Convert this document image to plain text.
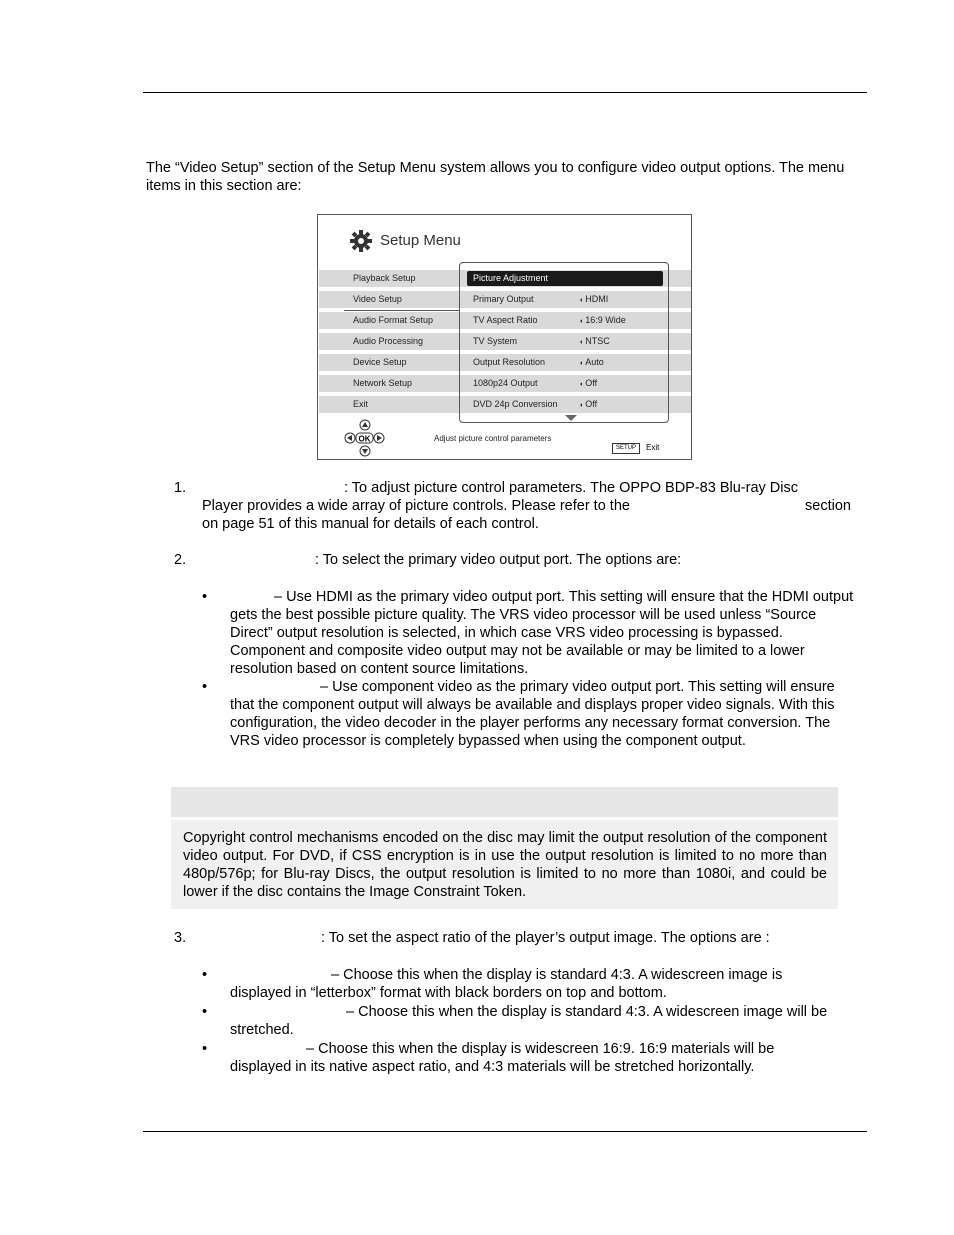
The “Video Setup” section of the Setup Menu system allows you to configure video output options. The menu items in this section are:

Setup Menu
Playback Setup
Video Setup
Audio Format Setup
Audio Processing
Device Setup
Network Setup
Exit
Picture Adjustment
Primary Output	◖ HDMI
TV Aspect Ratio	◖ 16:9 Wide
TV System	◖ NTSC
Output Resolution	◖ Auto
1080p24 Output	◖ Off
DVD 24p Conversion	◖ Off
OK	Adjust picture control parameters
SETUP	Exit
1.	: To adjust picture control parameters. The OPPO BDP-83 Blu-ray Disc
Player provides a wide array of picture controls. Please refer to the	section
on page 51 of this manual for details of each control.
2.	: To select the primary video output port. The options are:
•	– Use HDMI as the primary video output port. This setting will ensure that the HDMI output gets the best possible picture quality. The VRS video processor will be used unless “Source Direct” output resolution is selected, in which case VRS video processing is bypassed. Component and composite video output may not be available or may be limited to a lower resolution based on content source limitations.

•	– Use component video as the primary video output port. This setting will ensure that the component output will always be available and displays proper video signals. With this configuration, the video decoder in the player performs any necessary format conversion. The VRS video processor is completely bypassed when using the component output.

Copyright control mechanisms encoded on the disc may limit the output resolution of the component video output. For DVD, if CSS encryption is in use the output resolution is limited to no more than 480p/576p; for Blu-ray Discs, the output resolution is limited to no more than 1080i, and could be lower if the disc contains the Image Constraint Token.

3.	: To set the aspect ratio of the player’s output image. The options are :
•	– Choose this when the display is standard 4:3. A widescreen image is displayed in “letterbox” format with black borders on top and bottom.

•	– Choose this when the display is standard 4:3. A widescreen image will be stretched.

•	– Choose this when the display is widescreen 16:9. 16:9 materials will be displayed in its native aspect ratio, and 4:3 materials will be stretched horizontally.
